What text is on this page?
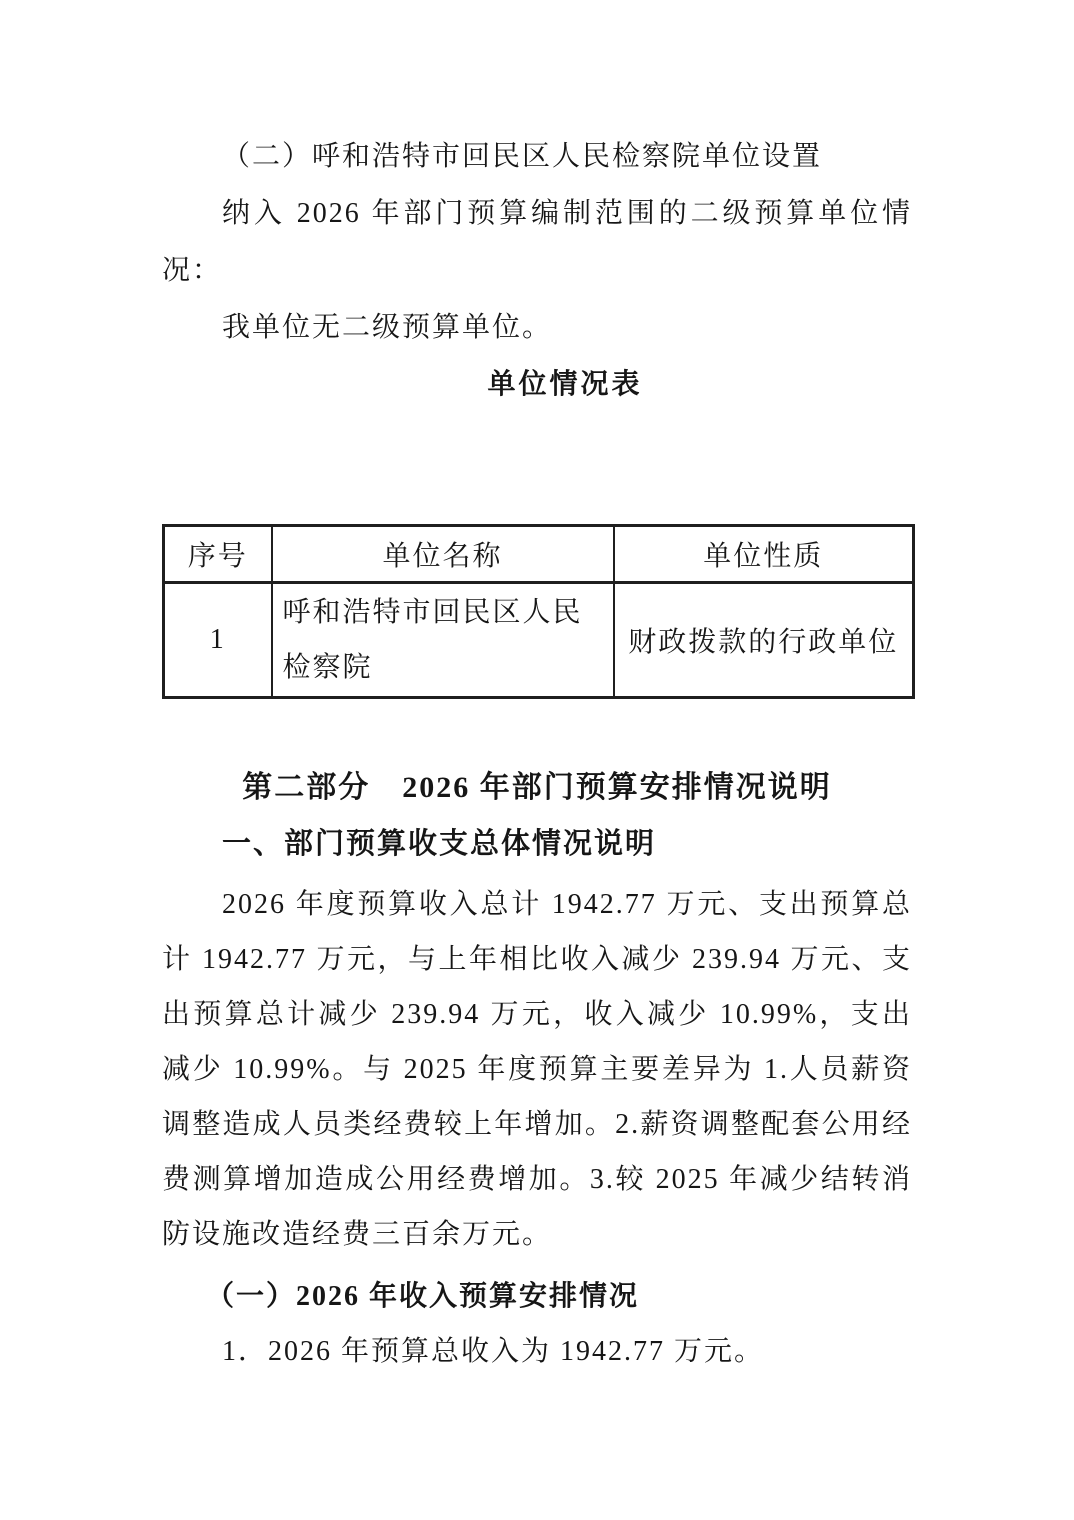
（二）呼和浩特市回民区人民检察院单位设置

纳入 2026 年部门预算编制范围的二级预算单位情况：

我单位无二级预算单位。

单位情况表
序号	单位名称	单位性质
1	呼和浩特市回民区人民检察院	财政拨款的行政单位
第二部分　2026 年部门预算安排情况说明
一、部门预算收支总体情况说明

2026 年度预算收入总计 1942.77 万元、支出预算总计 1942.77 万元，与上年相比收入减少 239.94 万元、支出预算总计减少 239.94 万元，收入减少 10.99%，支出减少 10.99%。与 2025 年度预算主要差异为 1.人员薪资调整造成人员类经费较上年增加。2.薪资调整配套公用经费测算增加造成公用经费增加。3.较 2025 年减少结转消防设施改造经费三百余万元。

（一）2026 年收入预算安排情况

1．2026 年预算总收入为 1942.77 万元。
